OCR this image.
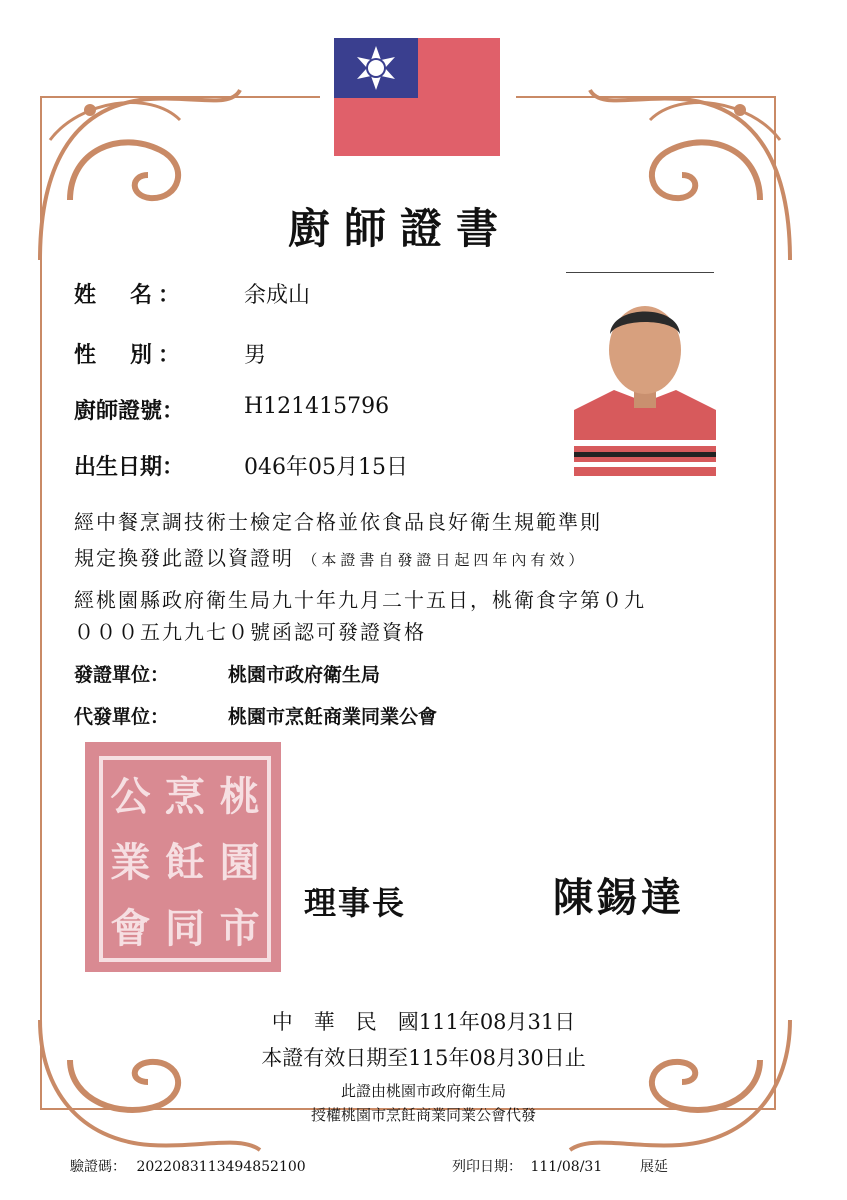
廚師證書
姓　名：	余成山
性　別：	男
廚師證號：	H121415796
出生日期：	046年05月15日
經中餐烹調技術士檢定合格並依食品良好衛生規範準則
規定換發此證以資證明 （本證書自發證日起四年內有效）
經桃園縣政府衛生局九十年九月二十五日，桃衛食字第０九
０００五九九七０號函認可發證資格
發證單位：	桃園市政府衛生局
代發單位：	桃園市烹飪商業同業公會
公 烹 桃
業 飪 園
會 同 市
理事長	陳錫達
中　華　民　國111年08月31日
本證有效日期至115年08月30日止
此證由桃園市政府衛生局
授權桃園市烹飪商業同業公會代發
驗證碼： 20220831134948521​00	列印日期： 111/08/31	展延
